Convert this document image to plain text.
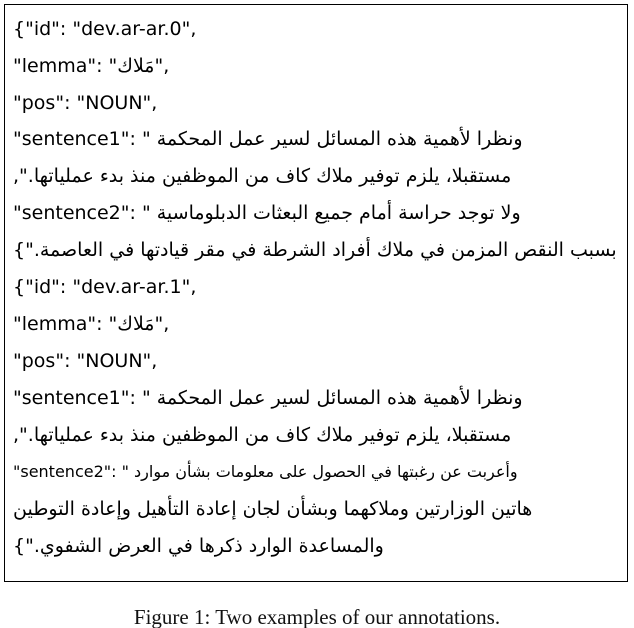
{"id": "dev.ar-ar.0",
"lemma": "مَلاك",
"pos": "NOUN",
"sentence1": " ونظرا لأهمية هذه المسائل لسير عمل المحكمة
مستقبلا، يلزم توفير ملاك كاف من الموظفين منذ بدء عملياتها.",
"sentence2": " ولا توجد حراسة أمام جميع البعثات الدبلوماسية
بسبب النقص المزمن في ملاك أفراد الشرطة في مقر قيادتها في العاصمة."}
{"id": "dev.ar-ar.1",
"lemma": "مَلاك",
"pos": "NOUN",
"sentence1": " ونظرا لأهمية هذه المسائل لسير عمل المحكمة
مستقبلا، يلزم توفير ملاك كاف من الموظفين منذ بدء عملياتها.",
"sentence2": " وأعربت عن رغبتها في الحصول على معلومات بشأن موارد
هاتين الوزارتين وملاكهما وبشأن لجان إعادة التأهيل وإعادة التوطين
والمساعدة الوارد ذكرها في العرض الشفوي."}
Figure 1: Two examples of our annotations.
